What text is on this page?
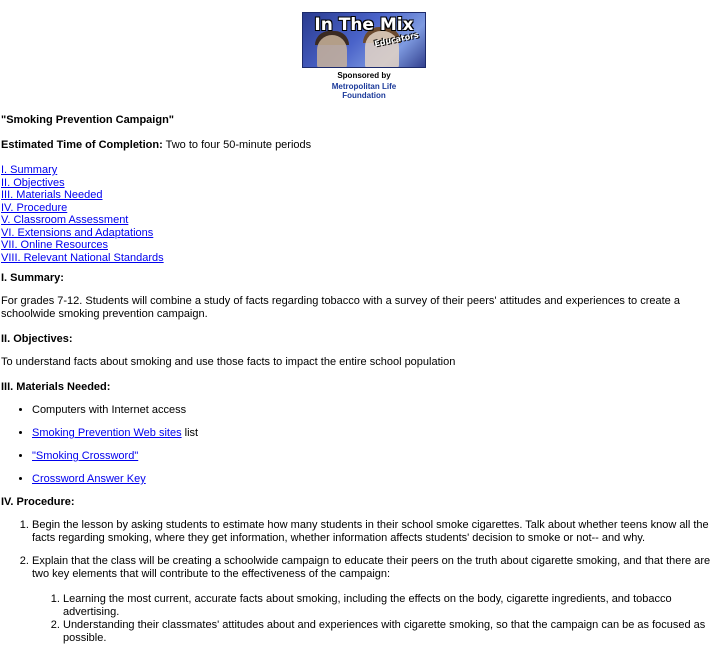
In The Mix
Educators
Sponsored by
Metropolitan Life
Foundation

"Smoking Prevention Campaign"

Estimated Time of Completion: Two to four 50-minute periods

I. Summary
II. Objectives
III. Materials Needed
IV. Procedure
V. Classroom Assessment
VI. Extensions and Adaptations
VII. Online Resources
VIII. Relevant National Standards
I. Summary:

For grades 7-12. Students will combine a study of facts regarding tobacco with a survey of their peers' attitudes and experiences to create a schoolwide smoking prevention campaign.

II. Objectives:

To understand facts about smoking and use those facts to impact the entire school population

III. Materials Needed:
• Computers with Internet access
• Smoking Prevention Web sites list
• "Smoking Crossword"
• Crossword Answer Key
IV. Procedure:
1. Begin the lesson by asking students to estimate how many students in their school smoke cigarettes. Talk about whether teens know all the facts regarding smoking, where they get information, whether information affects students' decision to smoke or not-- and why.
2. Explain that the class will be creating a schoolwide campaign to educate their peers on the truth about cigarette smoking, and that there are two key elements that will contribute to the effectiveness of the campaign:
1. Learning the most current, accurate facts about smoking, including the effects on the body, cigarette ingredients, and tobacco advertising.
2. Understanding their classmates' attitudes about and experiences with cigarette smoking, so that the campaign can be as focused as possible.
